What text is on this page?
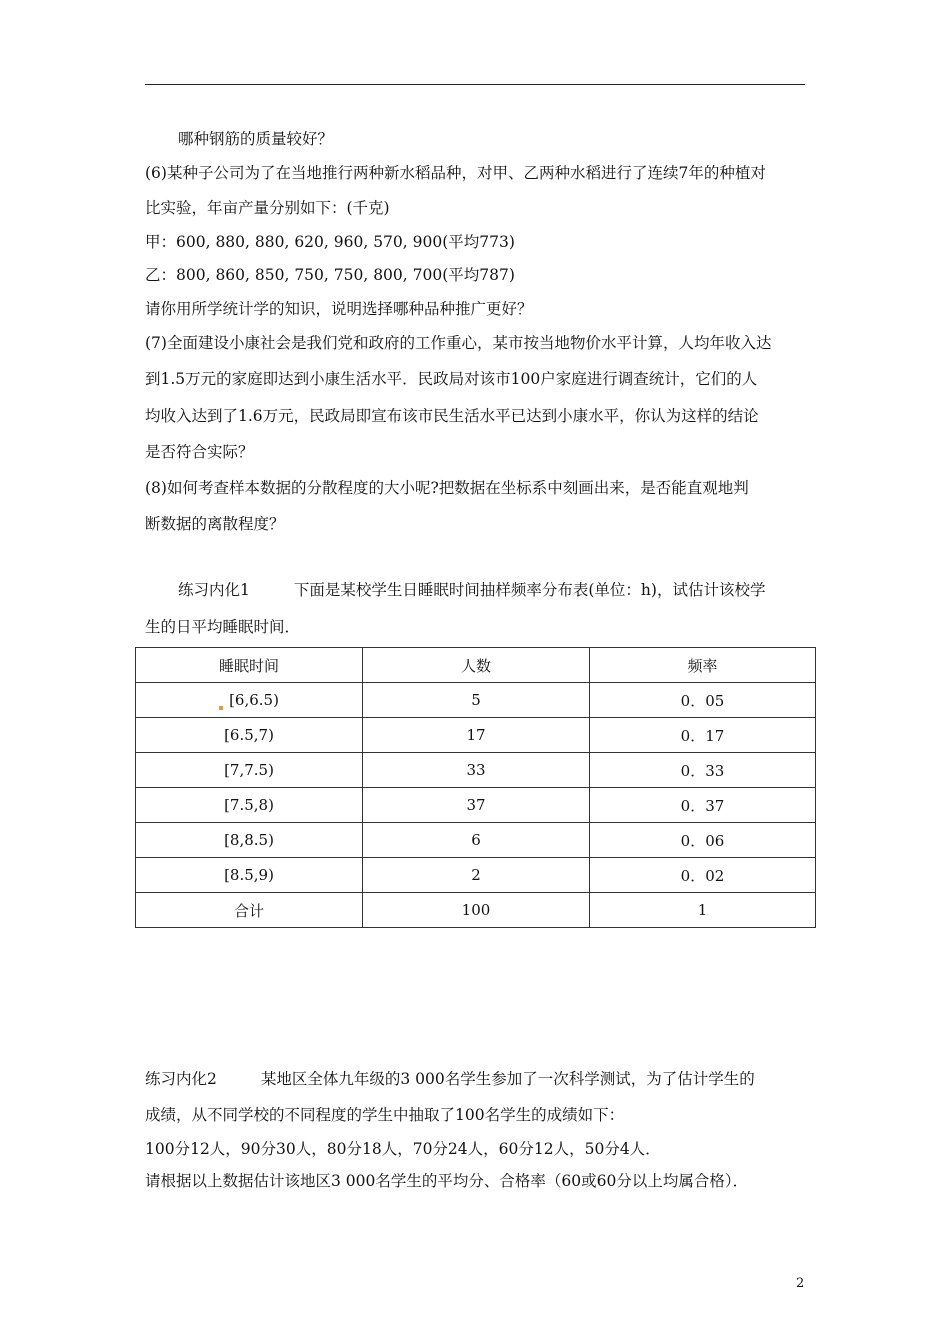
哪种钢筋的质量较好？
(6)某种子公司为了在当地推行两种新水稻品种，对甲、乙两种水稻进行了连续7年的种植对
比实验，年亩产量分别如下：(千克)
甲：600, 880, 880, 620, 960, 570, 900(平均773)
乙：800, 860, 850, 750, 750, 800, 700(平均787)
请你用所学统计学的知识，说明选择哪种品种推广更好？
(7)全面建设小康社会是我们党和政府的工作重心，某市按当地物价水平计算，人均年收入达
到1.5万元的家庭即达到小康生活水平．民政局对该市100户家庭进行调查统计，它们的人
均收入达到了1.6万元，民政局即宣布该市民生活水平已达到小康水平，你认为这样的结论
是否符合实际？
(8)如何考查样本数据的分散程度的大小呢?把数据在坐标系中刻画出来，是否能直观地判
断数据的离散程度？
练习内化1	下面是某校学生日睡眠时间抽样频率分布表(单位：h)，试估计该校学
生的日平均睡眠时间．
睡眠时间	人数	频率
[6,6.5)	5	0．05
[6.5,7)	17	0．17
[7,7.5)	33	0．33
[7.5,8)	37	0．37
[8,8.5)	6	0．06
[8.5,9)	2	0．02
合计	100	1
练习内化2	某地区全体九年级的3 000名学生参加了一次科学测试，为了估计学生的
成绩，从不同学校的不同程度的学生中抽取了100名学生的成绩如下：
100分12人，90分30人，80分18人，70分24人，60分12人，50分4人．
请根据以上数据估计该地区3 000名学生的平均分、合格率（60或60分以上均属合格）．
2
